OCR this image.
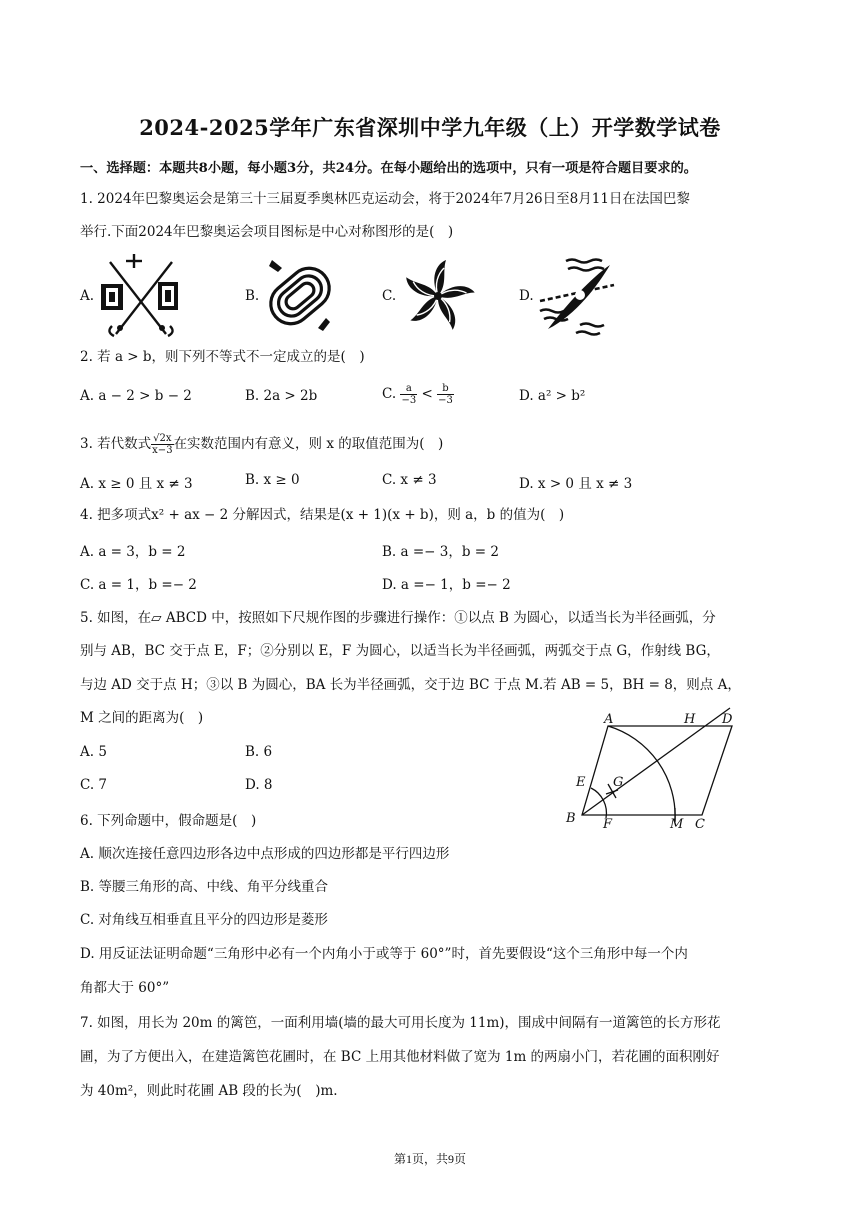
2024-2025学年广东省深圳中学九年级（上）开学数学试卷
一、选择题：本题共8小题，每小题3分，共24分。在每小题给出的选项中，只有一项是符合题目要求的。
1. 2024年巴黎奥运会是第三十三届夏季奥林匹克运动会，将于2024年7月26日至8月11日在法国巴黎
举行.下面2024年巴黎奥运会项目图标是中心对称图形的是( )
A.	B.	C.	D.
2. 若 a > b，则下列不等式不一定成立的是( )
A. a − 2 > b − 2	B. 2a > 2b	C. $\frac{a}{-3} < \frac{b}{-3}$	D. a² > b²
3. 若代数式 $\frac{√2x}{x-3}$ 在实数范围内有意义，则 x 的取值范围为( )
A. x ≥ 0 且 x ≠ 3	B. x ≥ 0	C. x ≠ 3	D. x > 0 且 x ≠ 3
4. 把多项式x² + ax − 2 分解因式，结果是(x + 1)(x + b)，则 a，b 的值为( )
A. a = 3，b = 2	B. a =− 3，b = 2
C. a = 1，b =− 2	D. a =− 1，b =− 2
5. 如图，在▱ ABCD 中，按照如下尺规作图的步骤进行操作：①以点 B 为圆心，以适当长为半径画弧，分
别与 AB，BC 交于点 E，F；②分别以 E，F 为圆心，以适当长为半径画弧，两弧交于点 G，作射线 BG，
与边 AD 交于点 H；③以 B 为圆心，BA 长为半径画弧，交于边 BC 于点 M.若 AB = 5，BH = 8，则点 A，
M 之间的距离为( )
A. 5	B. 6
C. 7	D. 8
A	H D
E G
B F	M C
6. 下列命题中，假命题是( )
A. 顺次连接任意四边形各边中点形成的四边形都是平行四边形
B. 等腰三角形的高、中线、角平分线重合
C. 对角线互相垂直且平分的四边形是菱形
D. 用反证法证明命题“三角形中必有一个内角小于或等于 60°”时，首先要假设“这个三角形中每一个内
角都大于 60°”
7. 如图，用长为 20m 的篱笆，一面利用墙(墙的最大可用长度为 11m)，围成中间隔有一道篱笆的长方形花
圃，为了方便出入，在建造篱笆花圃时，在 BC 上用其他材料做了宽为 1m 的两扇小门，若花圃的面积刚好
为 40m²，则此时花圃 AB 段的长为( )m.
第1页，共9页
